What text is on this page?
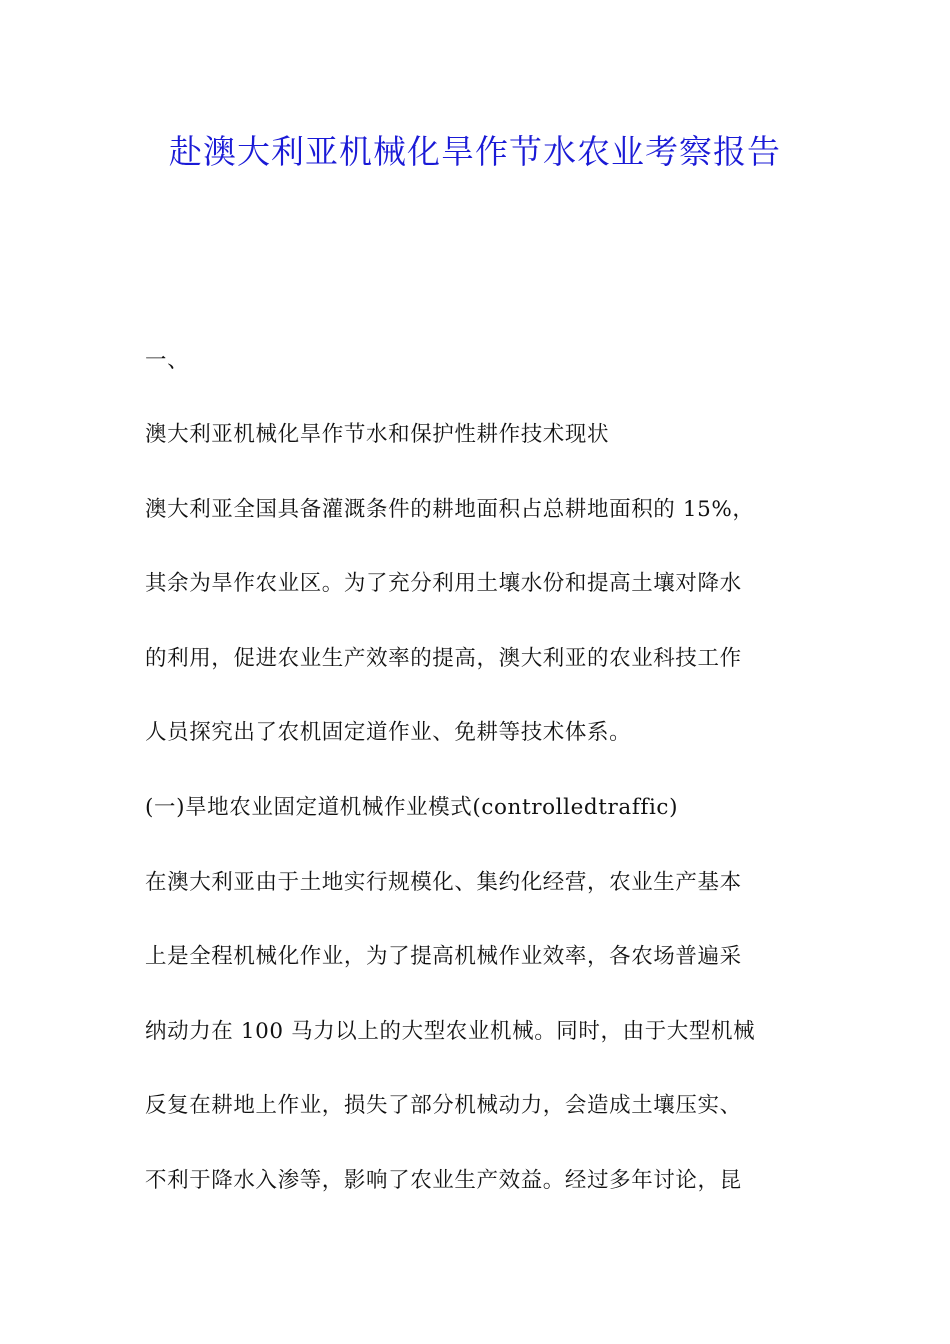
赴澳大利亚机械化旱作节水农业考察报告
一、
澳大利亚机械化旱作节水和保护性耕作技术现状
澳大利亚全国具备灌溉条件的耕地面积占总耕地面积的 15%，
其余为旱作农业区。为了充分利用土壤水份和提高土壤对降水
的利用，促进农业生产效率的提高，澳大利亚的农业科技工作
人员探究出了农机固定道作业、免耕等技术体系。
(一)旱地农业固定道机械作业模式(controlledtraffic)
在澳大利亚由于土地实行规模化、集约化经营，农业生产基本
上是全程机械化作业，为了提高机械作业效率，各农场普遍采
纳动力在 100 马力以上的大型农业机械。同时，由于大型机械
反复在耕地上作业，损失了部分机械动力，会造成土壤压实、
不利于降水入渗等，影响了农业生产效益。经过多年讨论，昆
